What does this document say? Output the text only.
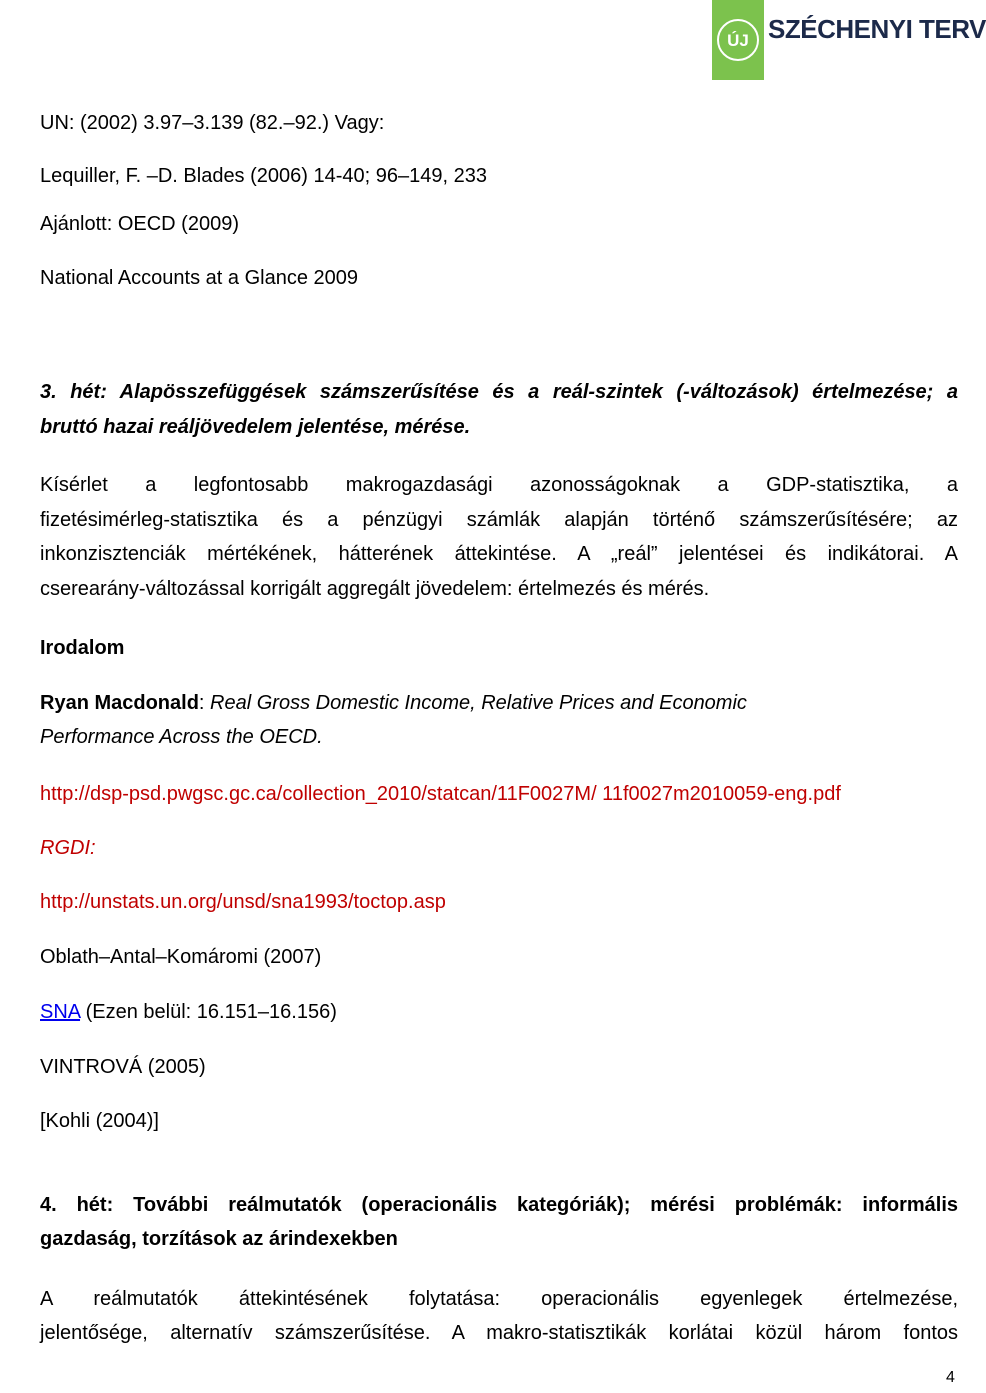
ÚJ SZÉCHENYI TERV
UN: (2002) 3.97–3.139 (82.–92.) Vagy:
Lequiller, F. –D. Blades (2006) 14-40; 96–149, 233
Ajánlott: OECD (2009)
National Accounts at a Glance 2009
3. hét: Alapösszefüggések számszerűsítése és a reál-szintek (-változások) értelmezése; a
bruttó hazai reáljövedelem jelentése, mérése.
Kísérlet a legfontosabb makrogazdasági azonosságoknak a GDP-statisztika, a
fizetésimérleg-statisztika és a pénzügyi számlák alapján történő számszerűsítésére; az
inkonzisztenciák mértékének, hátterének áttekintése. A „reál” jelentései és indikátorai. A
cserearány-változással korrigált aggregált jövedelem: értelmezés és mérés.
Irodalom
Ryan Macdonald: Real Gross Domestic Income, Relative Prices and Economic
Performance Across the OECD.
http://dsp-psd.pwgsc.gc.ca/collection_2010/statcan/11F0027M/ 11f0027m2010059-eng.pdf
RGDI:
http://unstats.un.org/unsd/sna1993/toctop.asp
Oblath–Antal–Komáromi (2007)
SNA (Ezen belül: 16.151–16.156)
VINTROVÁ (2005)
[Kohli (2004)]
4. hét: További reálmutatók (operacionális kategóriák); mérési problémák: informális
gazdaság, torzítások az árindexekben
A reálmutatók áttekintésének folytatása: operacionális egyenlegek értelmezése,
jelentősége, alternatív számszerűsítése. A makro-statisztikák korlátai közül három fontos
4
